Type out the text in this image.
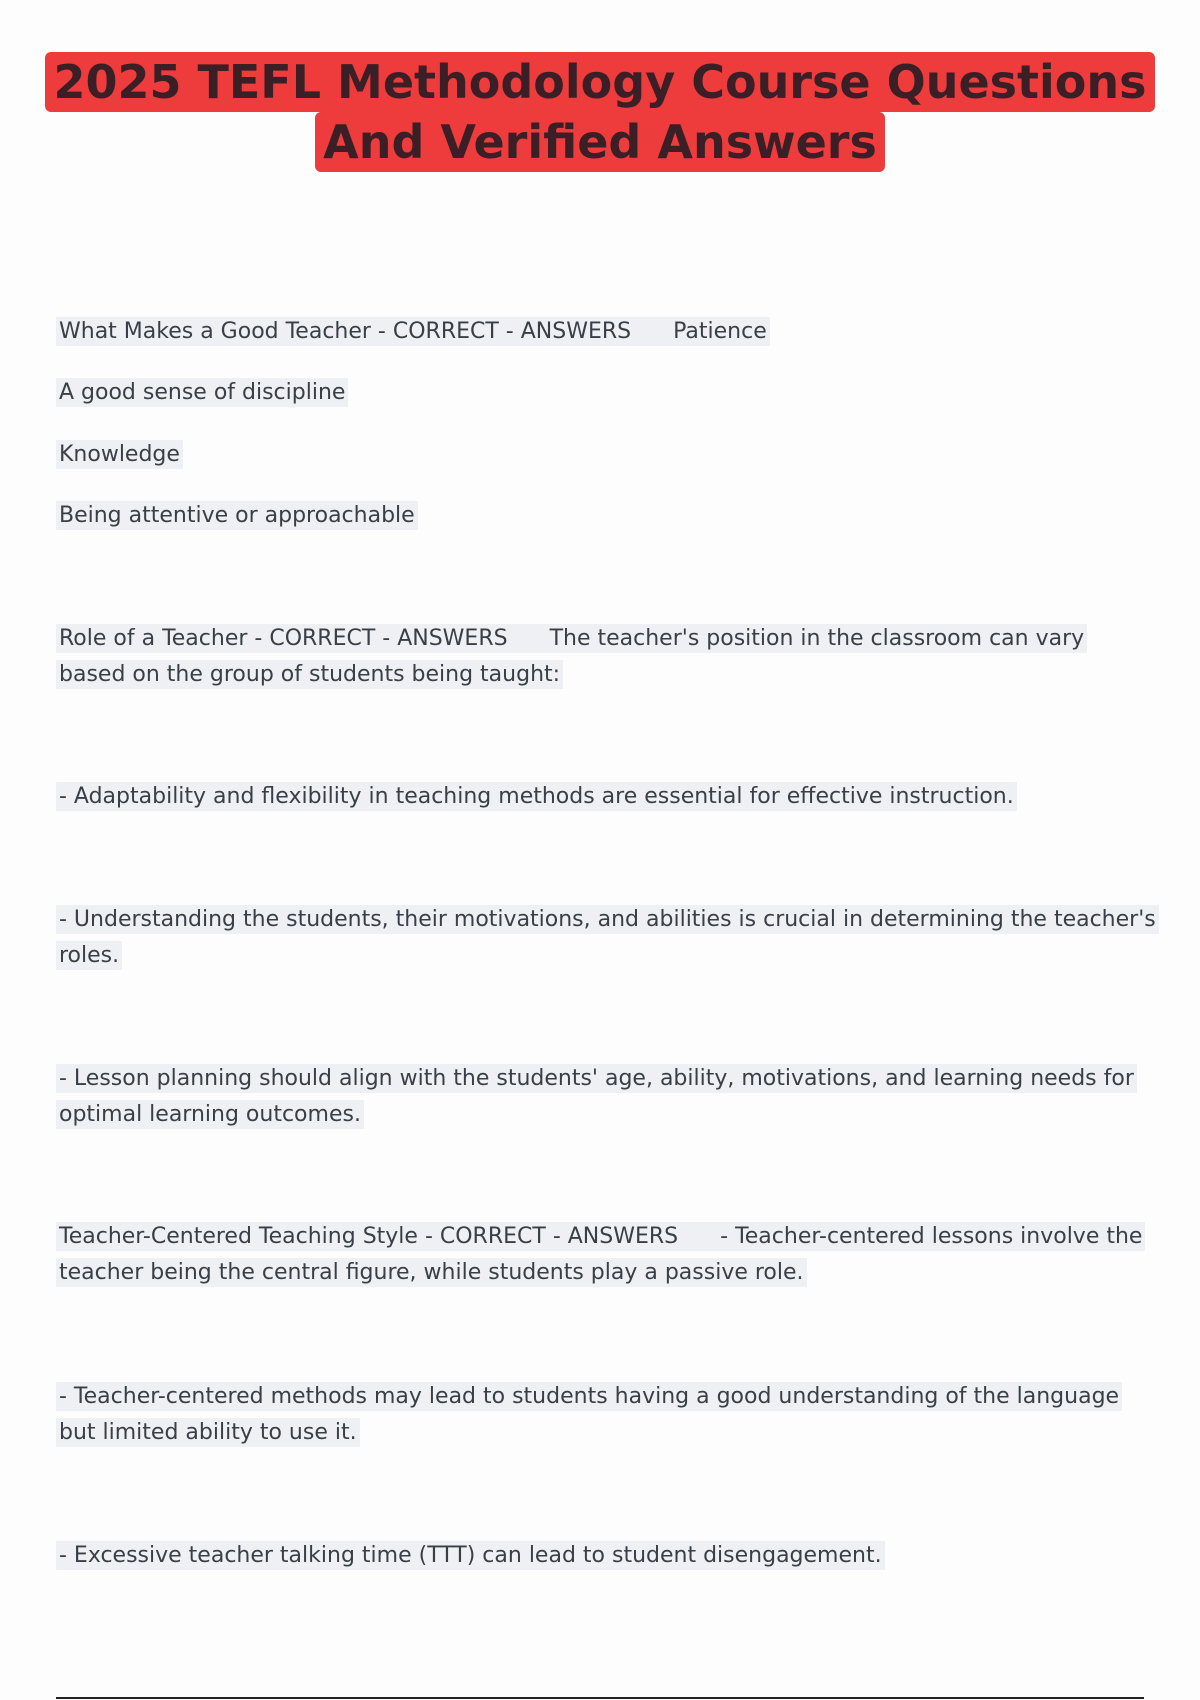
2025 TEFL Methodology Course Questions
And Verified Answers
What Makes a Good Teacher - CORRECT - ANSWERS Patience
A good sense of discipline
Knowledge
Being attentive or approachable
Role of a Teacher - CORRECT - ANSWERS The teacher's position in the classroom can vary based on the group of students being taught:
- Adaptability and flexibility in teaching methods are essential for effective instruction.
- Understanding the students, their motivations, and abilities is crucial in determining the teacher's roles.
- Lesson planning should align with the students' age, ability, motivations, and learning needs for optimal learning outcomes.
Teacher-Centered Teaching Style - CORRECT - ANSWERS - Teacher-centered lessons involve the teacher being the central figure, while students play a passive role.
- Teacher-centered methods may lead to students having a good understanding of the language but limited ability to use it.
- Excessive teacher talking time (TTT) can lead to student disengagement.
